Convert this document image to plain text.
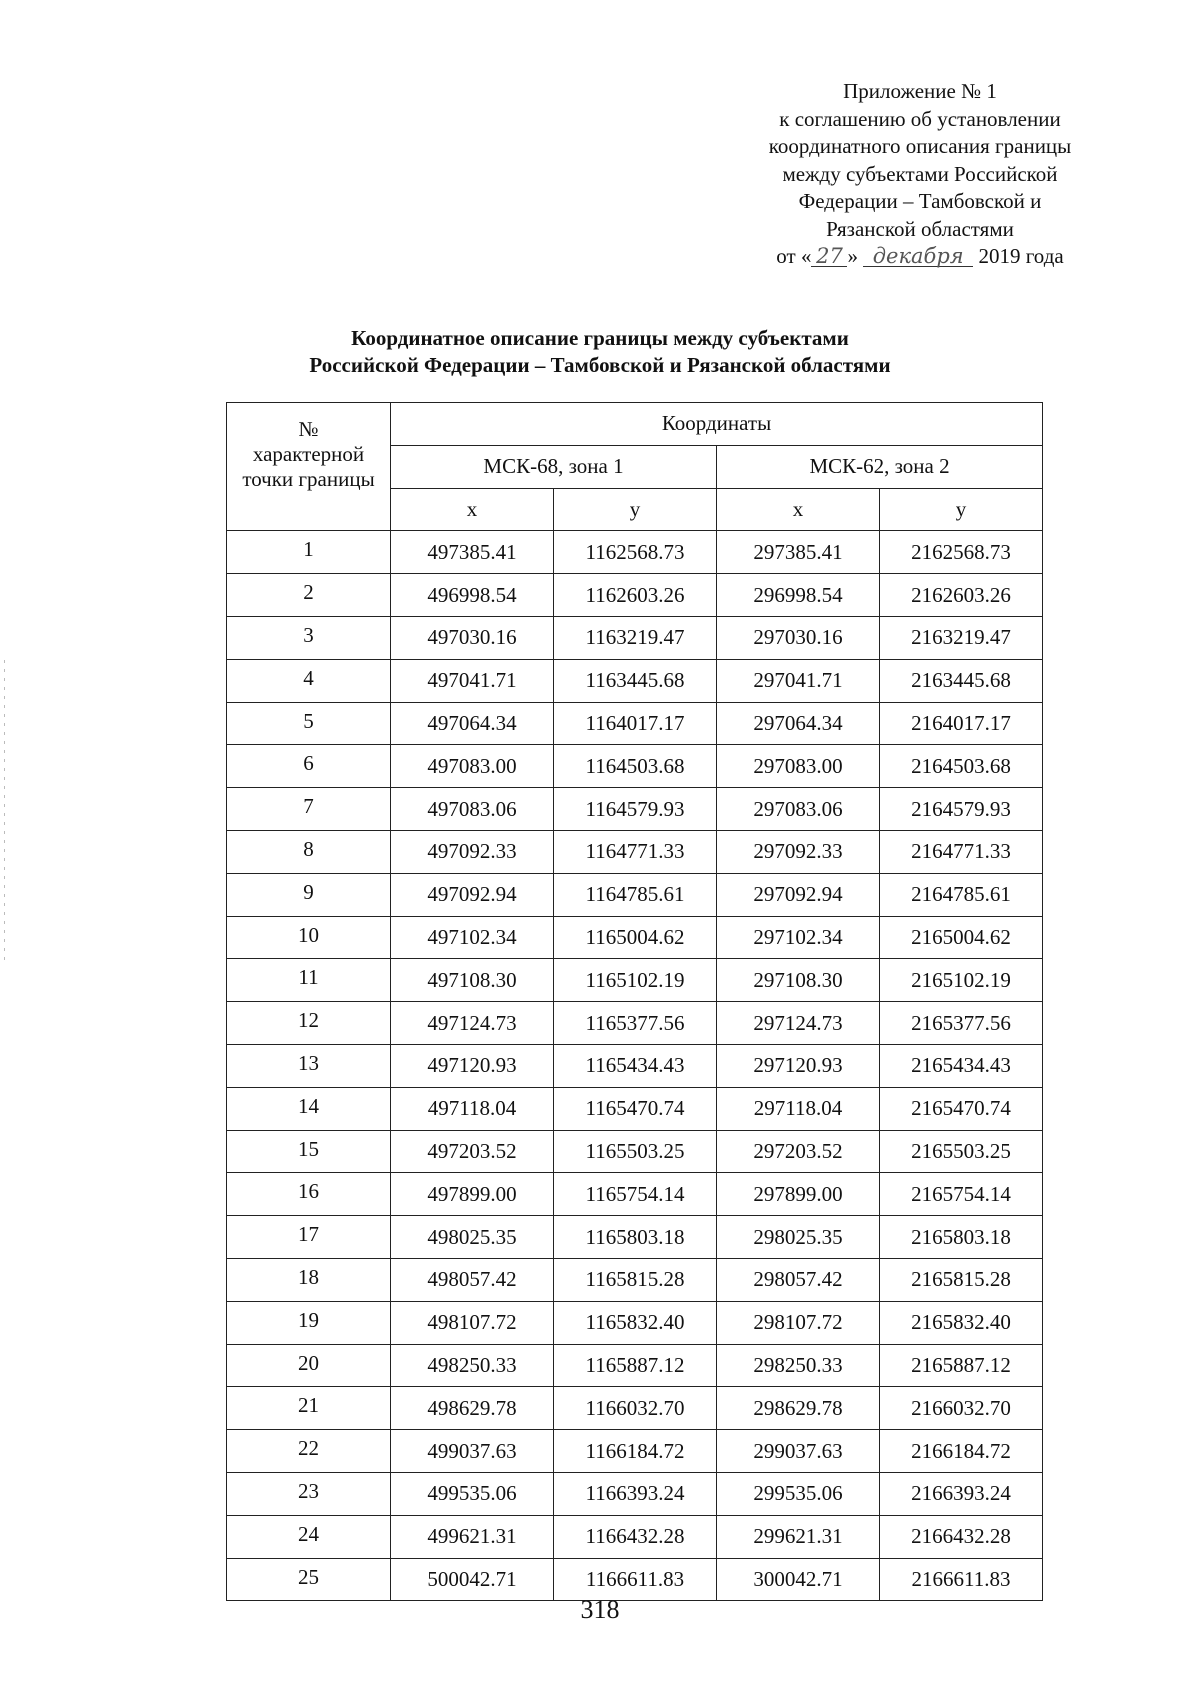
Приложение № 1
к соглашению об установлении
координатного описания границы
между субъектами Российской
Федерации – Тамбовской и
Рязанской областями
от « 27 » декабря 2019 года
Координатное описание границы между субъектами
Российской Федерации – Тамбовской и Рязанской областями
№
характерной
точки границы	Координаты			
	МСК-68, зона 1		МСК-62, зона 2	
	x	y	x	y
1	497385.41	1162568.73	297385.41	2162568.73
2	496998.54	1162603.26	296998.54	2162603.26
3	497030.16	1163219.47	297030.16	2163219.47
4	497041.71	1163445.68	297041.71	2163445.68
5	497064.34	1164017.17	297064.34	2164017.17
6	497083.00	1164503.68	297083.00	2164503.68
7	497083.06	1164579.93	297083.06	2164579.93
8	497092.33	1164771.33	297092.33	2164771.33
9	497092.94	1164785.61	297092.94	2164785.61
10	497102.34	1165004.62	297102.34	2165004.62
11	497108.30	1165102.19	297108.30	2165102.19
12	497124.73	1165377.56	297124.73	2165377.56
13	497120.93	1165434.43	297120.93	2165434.43
14	497118.04	1165470.74	297118.04	2165470.74
15	497203.52	1165503.25	297203.52	2165503.25
16	497899.00	1165754.14	297899.00	2165754.14
17	498025.35	1165803.18	298025.35	2165803.18
18	498057.42	1165815.28	298057.42	2165815.28
19	498107.72	1165832.40	298107.72	2165832.40
20	498250.33	1165887.12	298250.33	2165887.12
21	498629.78	1166032.70	298629.78	2166032.70
22	499037.63	1166184.72	299037.63	2166184.72
23	499535.06	1166393.24	299535.06	2166393.24
24	499621.31	1166432.28	299621.31	2166432.28
25	500042.71	1166611.83	300042.71	2166611.83
318
